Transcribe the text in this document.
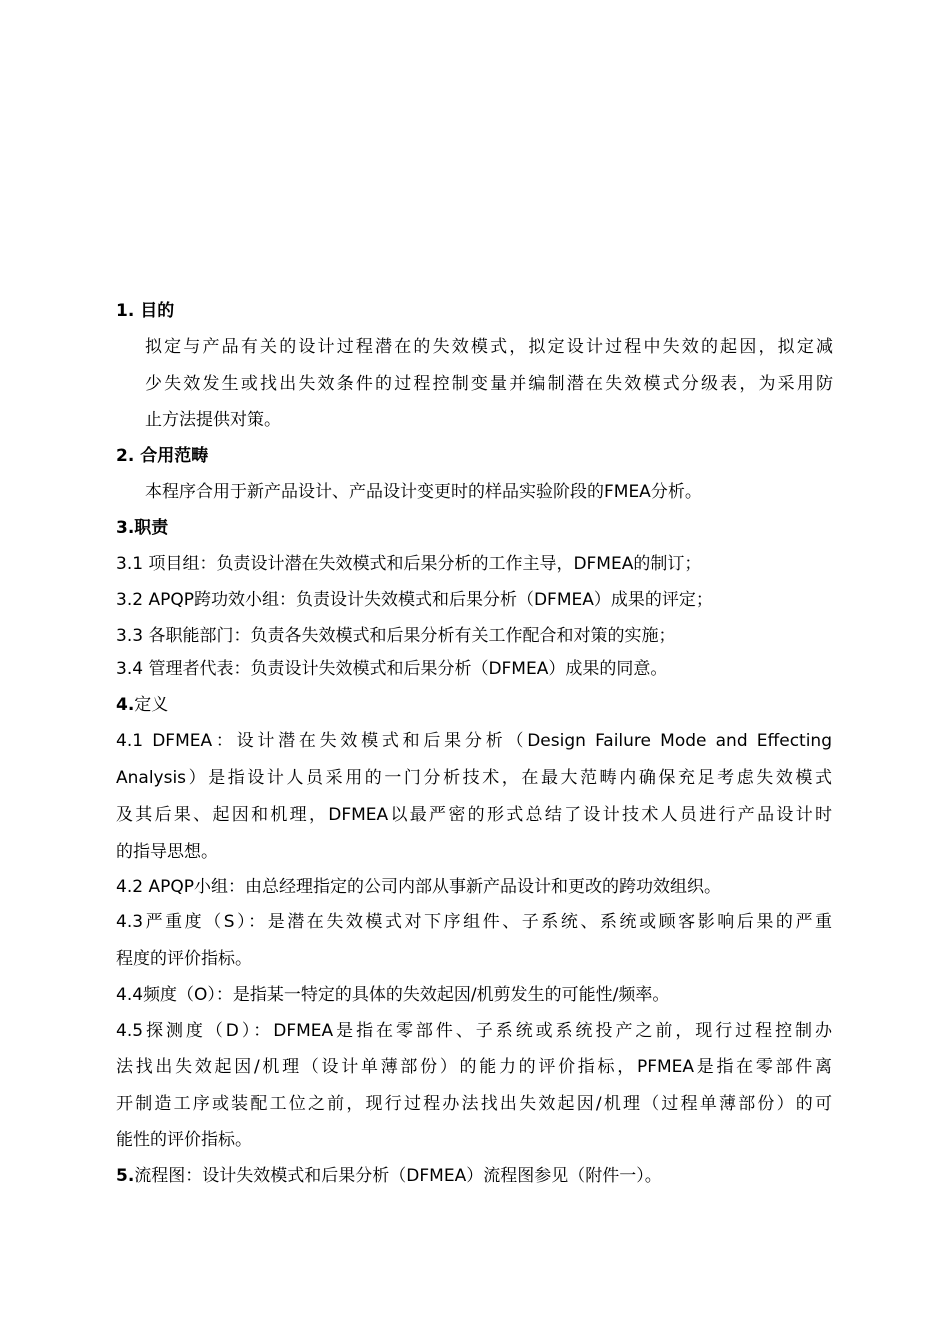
1. 目的
拟定与产品有关的设计过程潜在的失效模式，拟定设计过程中失效的起因，拟定减
少失效发生或找出失效条件的过程控制变量并编制潜在失效模式分级表，为采用防
止方法提供对策。
2. 合用范畴
本程序合用于新产品设计、产品设计变更时的样品实验阶段的FMEA分析。
3.职责
3.1 项目组：负责设计潜在失效模式和后果分析的工作主导，DFMEA的制订；
3.2 APQP跨功效小组：负责设计失效模式和后果分析（DFMEA）成果的评定；
3.3 各职能部门：负责各失效模式和后果分析有关工作配合和对策的实施；
3.4 管理者代表：负责设计失效模式和后果分析（DFMEA）成果的同意。
4.定义
4.1 DFMEA：设计潜在失效模式和后果分析（Design Failure Mode and Effecting
Analysis）是指设计人员采用的一门分析技术，在最大范畴内确保充足考虑失效模式
及其后果、起因和机理，DFMEA以最严密的形式总结了设计技术人员进行产品设计时
的指导思想。
4.2 APQP小组：由总经理指定的公司内部从事新产品设计和更改的跨功效组织。
4.3严重度（S）：是潜在失效模式对下序组件、子系统、系统或顾客影响后果的严重
程度的评价指标。
4.4频度（O）：是指某一特定的具体的失效起因/机剪发生的可能性/频率。
4.5探测度（D）：DFMEA是指在零部件、子系统或系统投产之前，现行过程控制办
法找出失效起因/机理（设计单薄部份）的能力的评价指标，PFMEA是指在零部件离
开制造工序或装配工位之前，现行过程办法找出失效起因/机理（过程单薄部份）的可
能性的评价指标。
5.流程图：设计失效模式和后果分析（DFMEA）流程图参见（附件一）。
